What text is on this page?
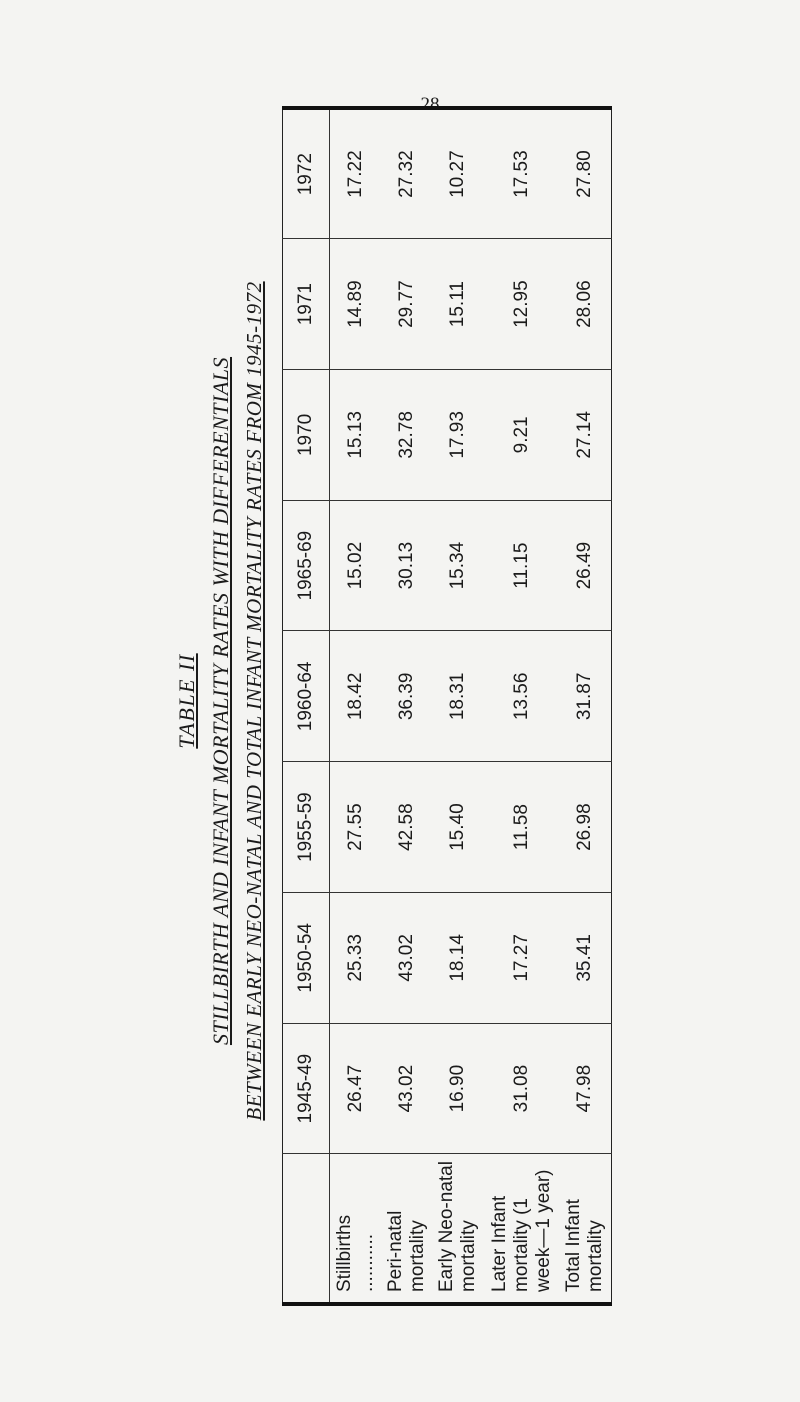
28
TABLE II STILLBIRTH AND INFANT MORTALITY RATES WITH DIFFERENTIALS BETWEEN EARLY NEO-NATAL AND TOTAL INFANT MORTALITY RATES FROM 1945-1972
	1945-49	1950-54	1955-59	1960-64	1965-69	1970	1971	1972
Stillbirths ...........	26.47	25.33	27.55	18.42	15.02	15.13	14.89	17.22
Peri-natal mortality	43.02	43.02	42.58	36.39	30.13	32.78	29.77	27.32
Early Neo-natal mortality	16.90	18.14	15.40	18.31	15.34	17.93	15.11	10.27
Later Infant mortality (1 week—1 year)	31.08	17.27	11.58	13.56	11.15	9.21	12.95	17.53
Total Infant mortality	47.98	35.41	26.98	31.87	26.49	27.14	28.06	27.80
